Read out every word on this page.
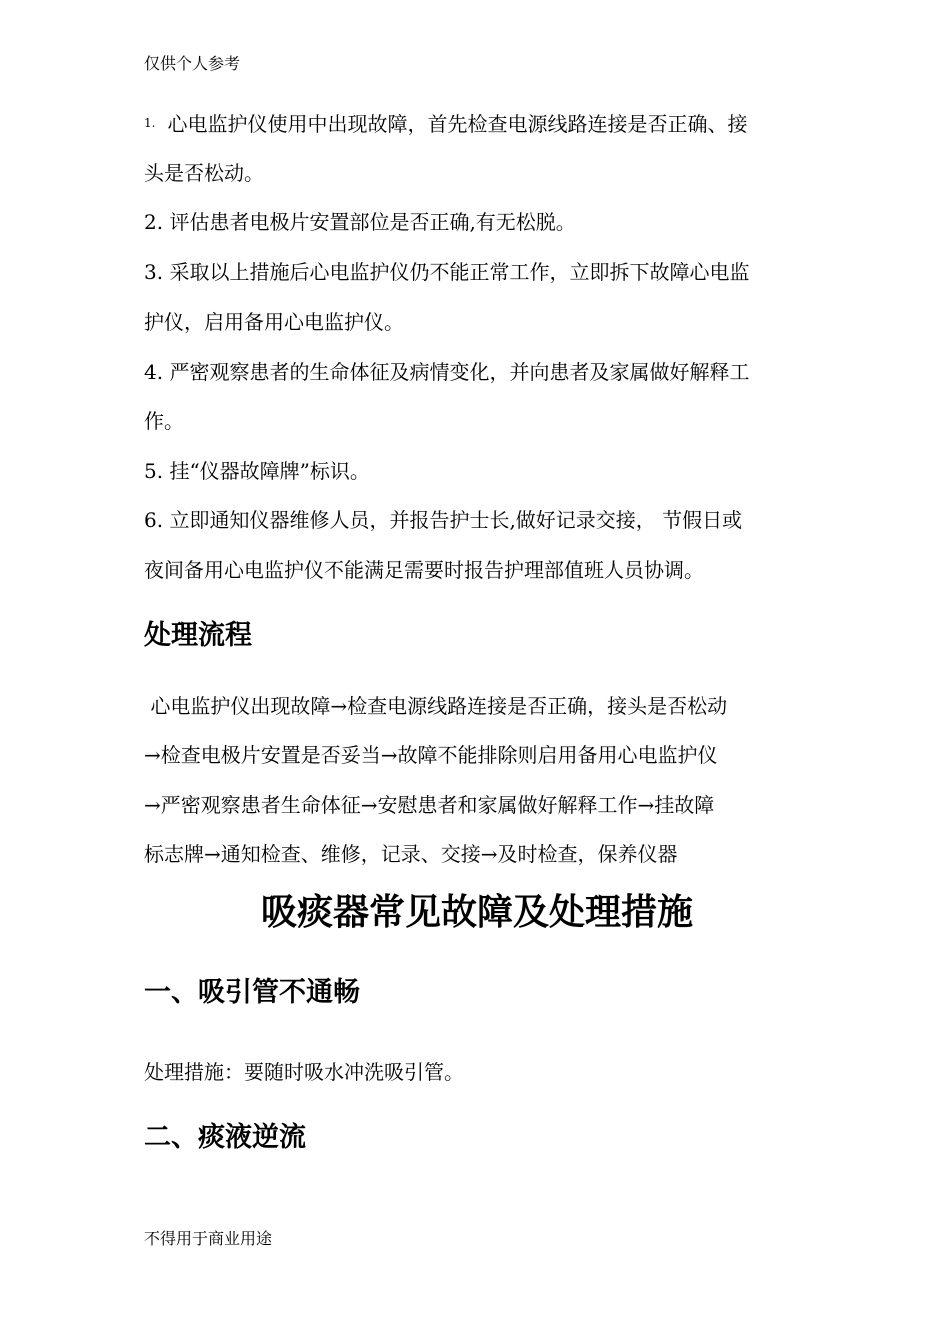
仅供个人参考

$^{1.}$ 心电监护仪使用中出现故障，首先检查电源线路连接是否正确、接

头是否松动。

2. 评估患者电极片安置部位是否正确,有无松脱。

3. 采取以上措施后心电监护仪仍不能正常工作，立即拆下故障心电监

护仪，启用备用心电监护仪。

4. 严密观察患者的生命体征及病情变化，并向患者及家属做好解释工

作。

5. 挂“仪器故障牌”标识。

6. 立即通知仪器维修人员，并报告护士长,做好记录交接， 节假日或

夜间备用心电监护仪不能满足需要时报告护理部值班人员协调。

处理流程

心电监护仪出现故障→检查电源线路连接是否正确，接头是否松动

→检查电极片安置是否妥当→故障不能排除则启用备用心电监护仪

→严密观察患者生命体征→安慰患者和家属做好解释工作→挂故障

标志牌→通知检查、维修，记录、交接→及时检查，保养仪器

吸痰器常见故障及处理措施
一、吸引管不通畅

处理措施：要随时吸水冲洗吸引管。

二、痰液逆流
不得用于商业用途
